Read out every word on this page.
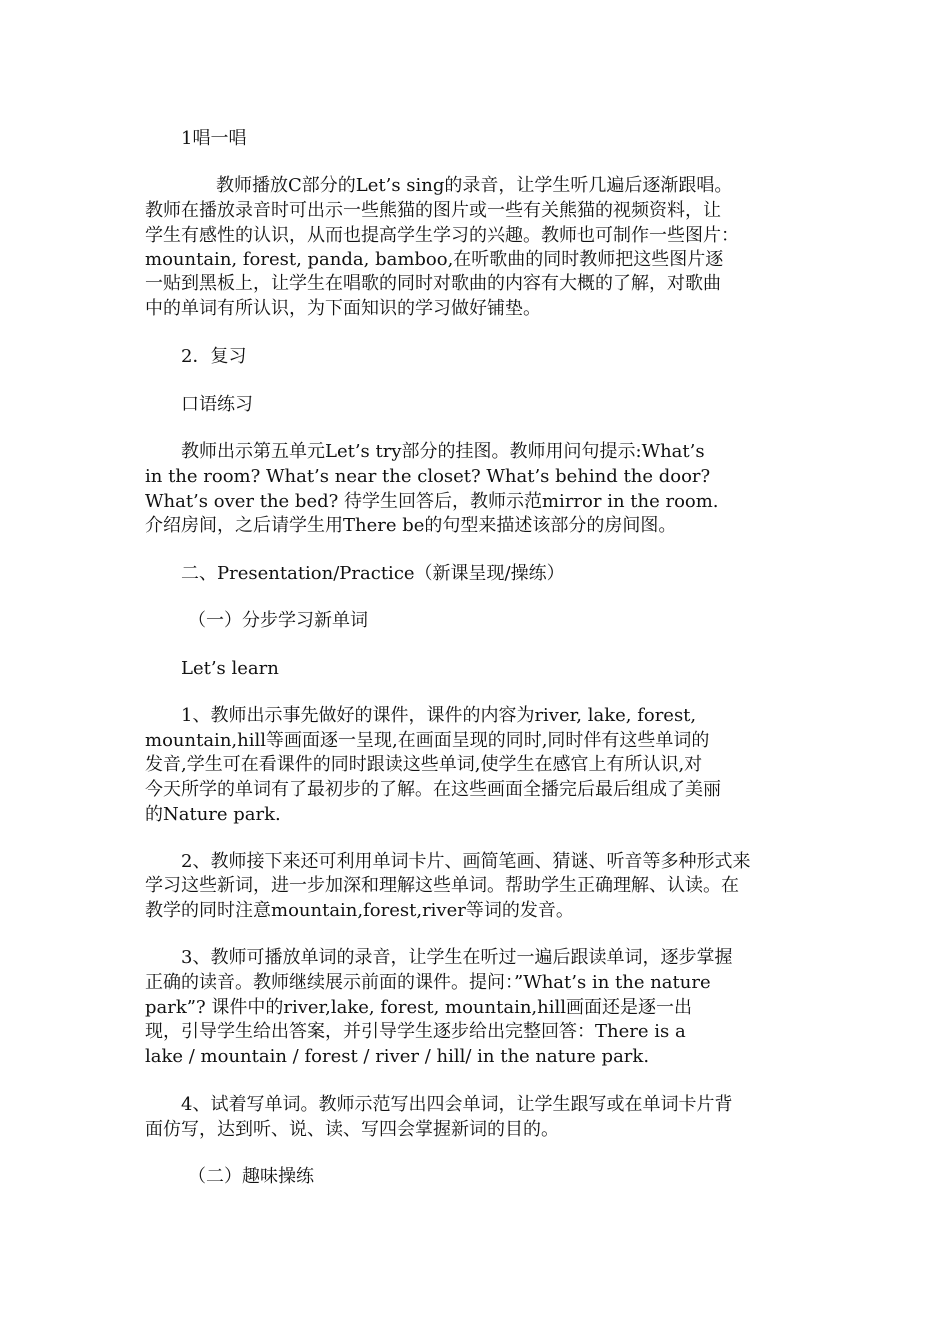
1唱一唱
教师播放C部分的Let’s sing的录音，让学生听几遍后逐渐跟唱。
教师在播放录音时可出示一些熊猫的图片或一些有关熊猫的视频资料，让
学生有感性的认识，从而也提高学生学习的兴趣。教师也可制作一些图片：
mountain, forest, panda, bamboo,在听歌曲的同时教师把这些图片逐
一贴到黑板上，让学生在唱歌的同时对歌曲的内容有大概的了解，对歌曲
中的单词有所认识，为下面知识的学习做好铺垫。
2．复习
口语练习
教师出示第五单元Let’s try部分的挂图。教师用问句提示:What’s
in the room? What’s near the closet? What’s behind the door?
What’s over the bed? 待学生回答后，教师示范mirror in the room.
介绍房间，之后请学生用There be的句型来描述该部分的房间图。
二、Presentation/Practice（新课呈现/操练）
（一）分步学习新单词
Let’s learn
1、教师出示事先做好的课件，课件的内容为river, lake, forest,
mountain,hill等画面逐一呈现,在画面呈现的同时,同时伴有这些单词的
发音,学生可在看课件的同时跟读这些单词,使学生在感官上有所认识,对
今天所学的单词有了最初步的了解。在这些画面全播完后最后组成了美丽
的Nature park.
2、教师接下来还可利用单词卡片、画简笔画、猜谜、听音等多种形式来
学习这些新词，进一步加深和理解这些单词。帮助学生正确理解、认读。在
教学的同时注意mountain,forest,river等词的发音。
3、教师可播放单词的录音，让学生在听过一遍后跟读单词，逐步掌握
正确的读音。教师继续展示前面的课件。提问：”What’s in the nature
park”? 课件中的river,lake, forest, mountain,hill画面还是逐一出
现，引导学生给出答案，并引导学生逐步给出完整回答：There is a
lake / mountain / forest / river / hill/ in the nature park.
4、试着写单词。教师示范写出四会单词，让学生跟写或在单词卡片背
面仿写，达到听、说、读、写四会掌握新词的目的。
（二）趣味操练
